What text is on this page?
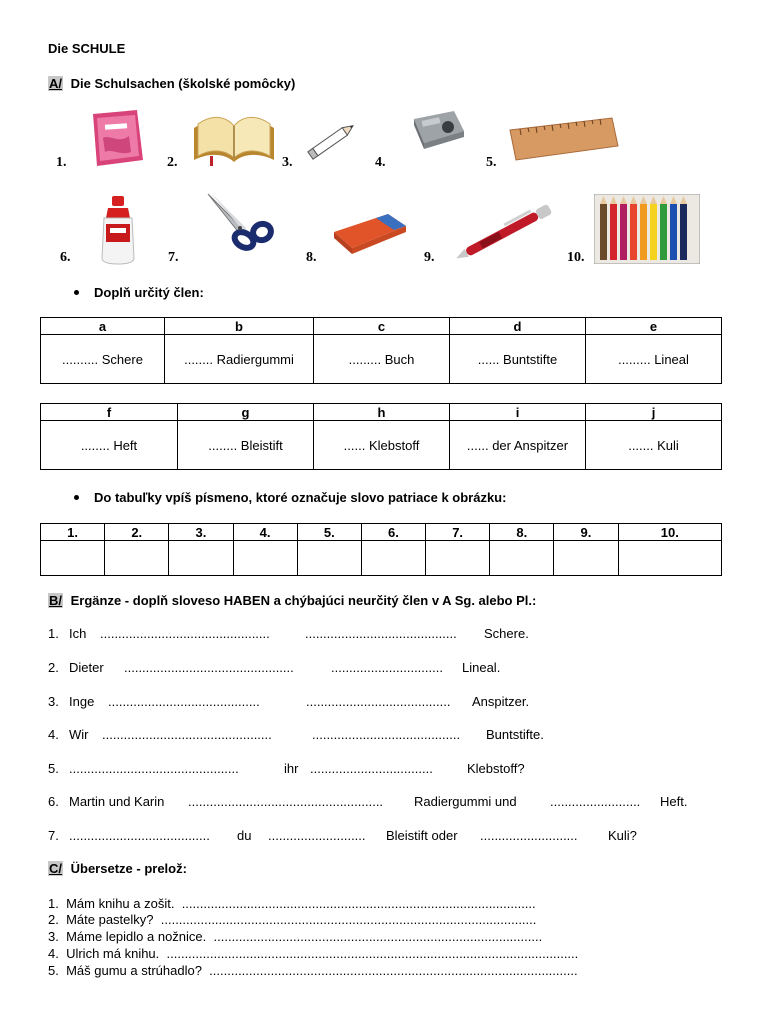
Die SCHULE
A/ Die Schulsachen (školské pomôcky)
1.	2.	3.	4.	5.
6.	7.	8.	9.	10.
Doplň určitý člen:
a	b	c	d	e
.......... Schere	........ Radiergummi	......... Buch	...... Buntstifte	......... Lineal
f	g	h	i	j
........ Heft	........ Bleistift	...... Klebstoff	...... der Anspitzer	....... Kuli
Do tabuľky vpíš písmeno, ktoré označuje slovo patriace k obrázku:
1.	2.	3.	4.	5.	6.	7.	8.	9.	10.

B/ Ergänze - doplň sloveso HABEN a chýbajúci neurčitý člen v A Sg. alebo Pl.:
1. Ich ...............................................	.......................................... Schere.
2. Dieter ...............................................	............................... Lineal.
3. Inge ..........................................	........................................ Anspitzer.
4. Wir ...............................................	......................................... Buntstifte.
5. ...............................................	ihr ..................................	Klebstoff?
6. Martin und Karin ...................................................... Radiergummi und	......................... Heft.
7. ....................................... du ........................... Bleistift oder ........................... Kuli?
C/ Übersetze - prelož:
1. Mám knihu a zošit. ..................................................................................................
2. Máte pastelky? ........................................................................................................
3. Máme lepidlo a nožnice. ...........................................................................................
4. Ulrich má knihu. ..................................................................................................................
5. Máš gumu a strúhadlo? ......................................................................................................
